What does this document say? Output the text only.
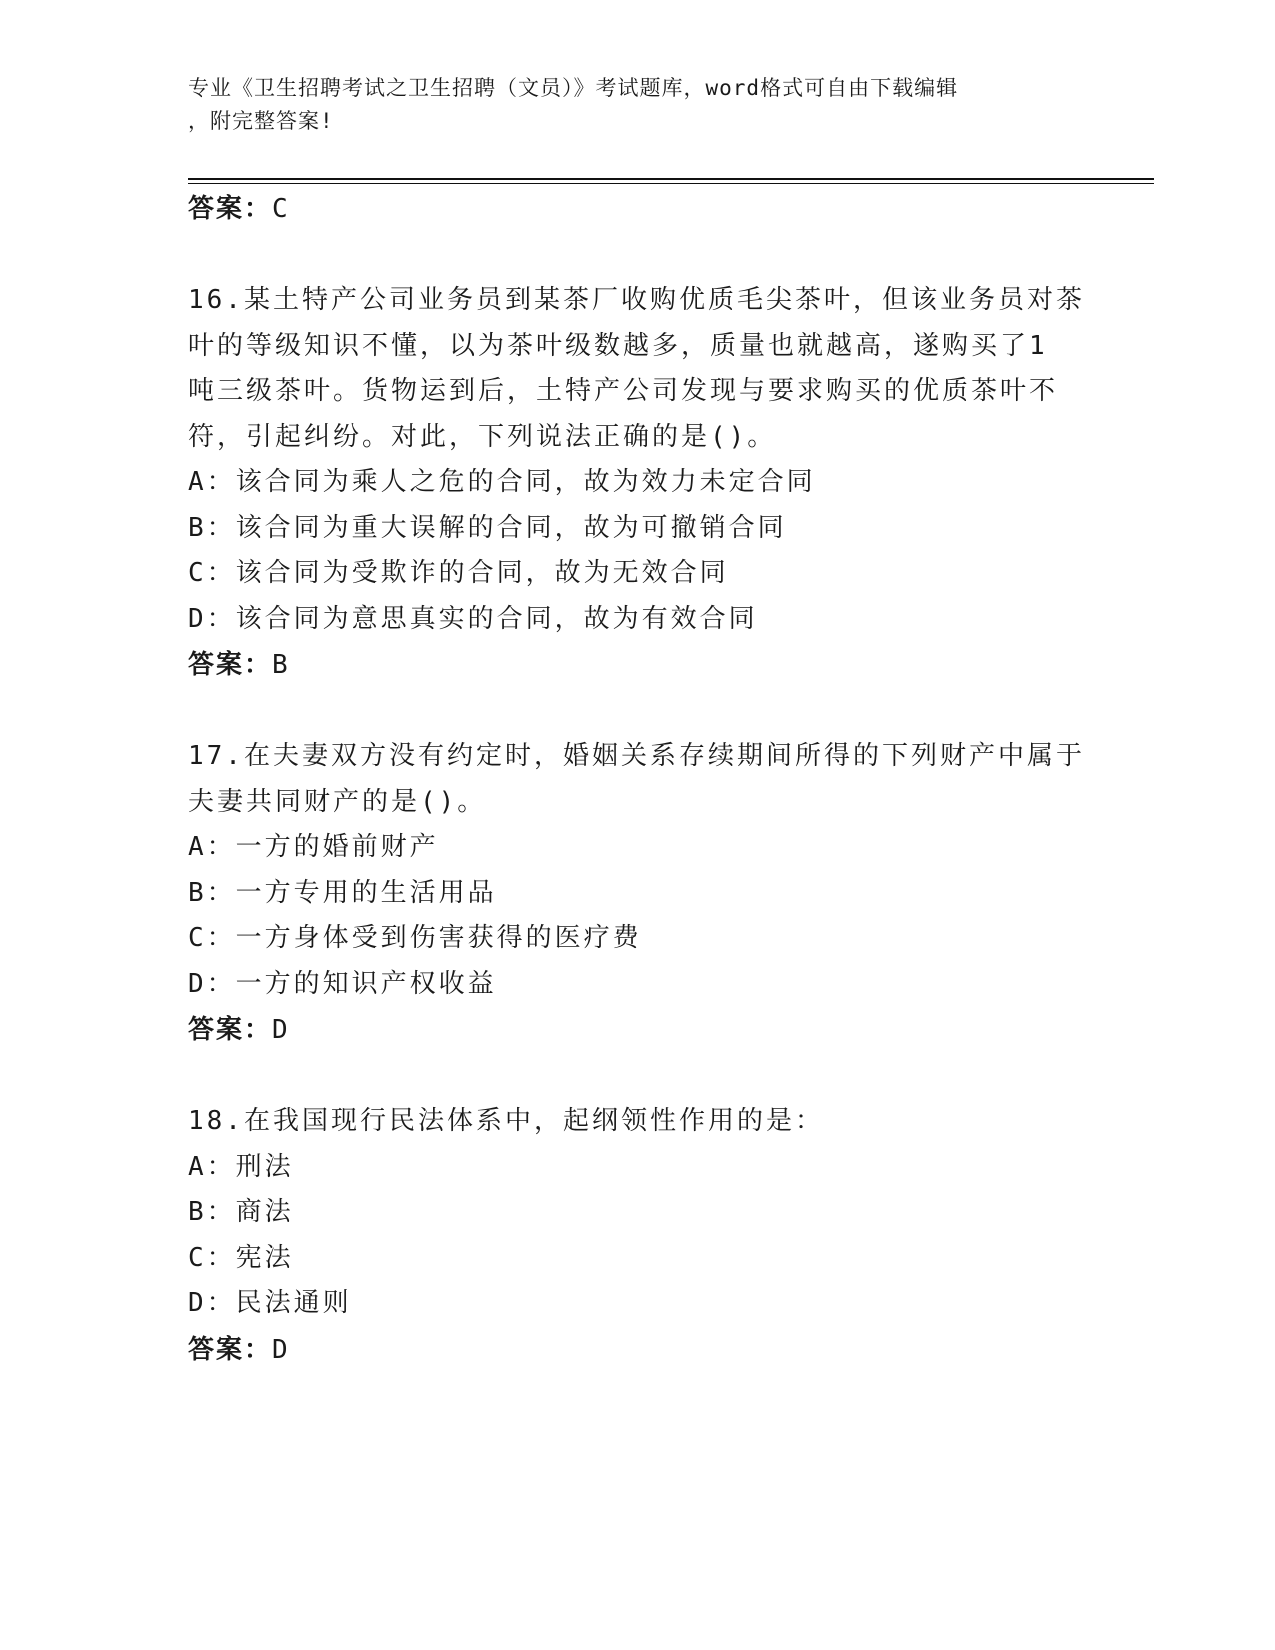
专业《卫生招聘考试之卫生招聘（文员）》考试题库，word格式可自由下载编辑
，附完整答案!
答案：C
16.某土特产公司业务员到某茶厂收购优质毛尖茶叶，但该业务员对茶
叶的等级知识不懂，以为茶叶级数越多，质量也就越高，遂购买了1
吨三级茶叶。货物运到后，土特产公司发现与要求购买的优质茶叶不
符，引起纠纷。对此，下列说法正确的是()。
A：该合同为乘人之危的合同，故为效力未定合同
B：该合同为重大误解的合同，故为可撤销合同
C：该合同为受欺诈的合同，故为无效合同
D：该合同为意思真实的合同，故为有效合同
答案：B
17.在夫妻双方没有约定时，婚姻关系存续期间所得的下列财产中属于
夫妻共同财产的是()。
A：一方的婚前财产
B：一方专用的生活用品
C：一方身体受到伤害获得的医疗费
D：一方的知识产权收益
答案：D
18.在我国现行民法体系中，起纲领性作用的是：
A：刑法
B：商法
C：宪法
D：民法通则
答案：D
